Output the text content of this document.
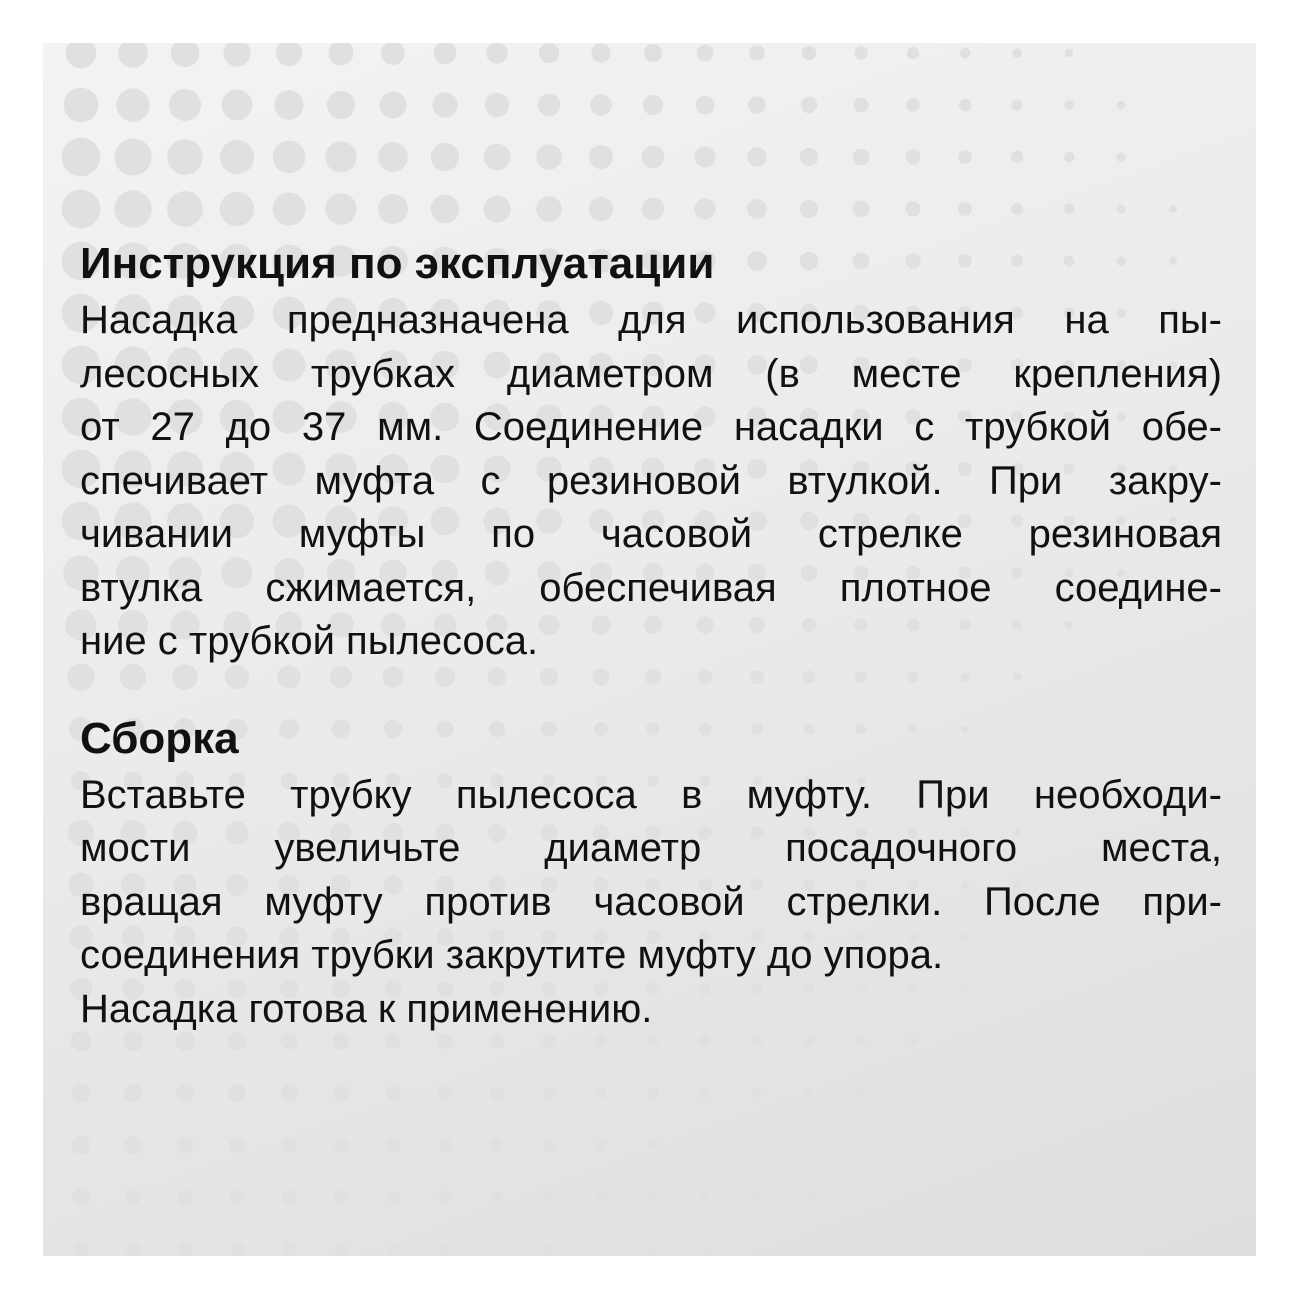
Инструкция по эксплуатации
Насадка предназначена для использования на пы-
лесосных трубках диаметром (в месте крепления)
от 27 до 37 мм. Соединение насадки с трубкой обе-
спечивает муфта с резиновой втулкой. При закру-
чивании муфты по часовой стрелке резиновая
втулка сжимается, обеспечивая плотное соедине-
ние с трубкой пылесоса.
Сборка
Вставьте трубку пылесоса в муфту. При необходи-
мости увеличьте диаметр посадочного места,
вращая муфту против часовой стрелки. После при-
соединения трубки закрутите муфту до упора.
Насадка готова к применению.
